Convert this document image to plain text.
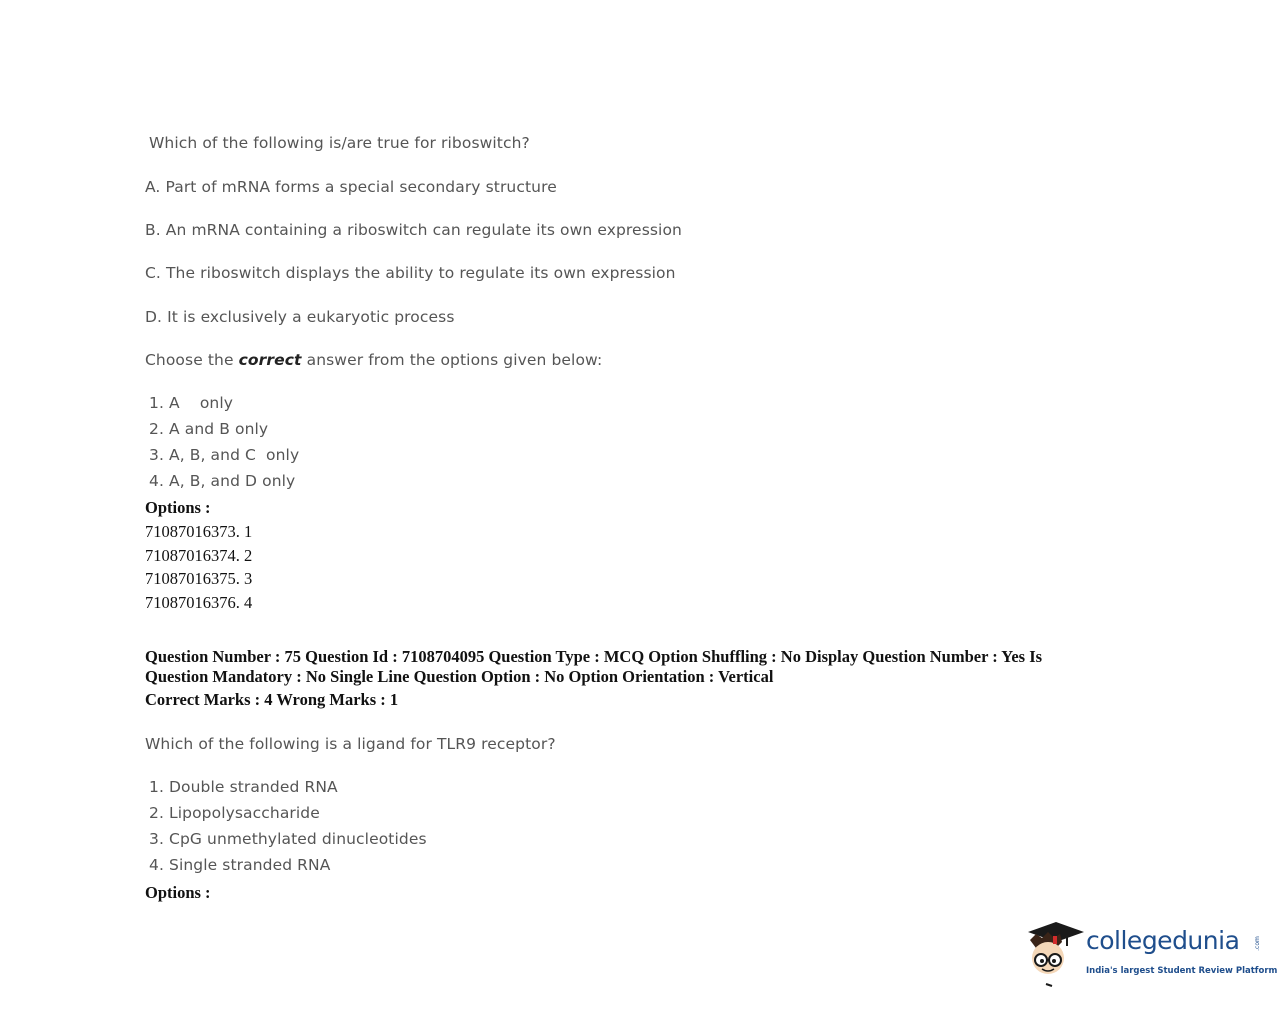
Which of the following is/are true for riboswitch?
A. Part of mRNA forms a special secondary structure
B. An mRNA containing a riboswitch can regulate its own expression
C. The riboswitch displays the ability to regulate its own expression
D. It is exclusively a eukaryotic process
Choose the correct answer from the options given below:
1. A    only
2. A and B only
3. A, B, and C  only
4. A, B, and D only
Options :
71087016373. 1
71087016374. 2
71087016375. 3
71087016376. 4
Question Number : 75 Question Id : 7108704095 Question Type : MCQ Option Shuffling : No Display Question Number : Yes Is
Question Mandatory : No Single Line Question Option : No Option Orientation : Vertical
Correct Marks : 4 Wrong Marks : 1
Which of the following is a ligand for TLR9 receptor?
1. Double stranded RNA
2. Lipopolysaccharide
3. CpG unmethylated dinucleotides
4. Single stranded RNA
Options :
collegedunia .com
India's largest Student Review Platform
